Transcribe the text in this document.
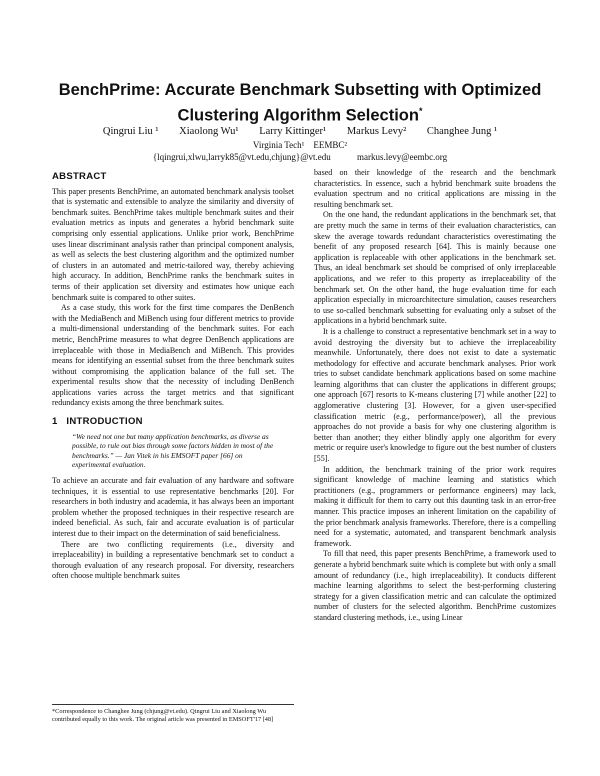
BenchPrime: Accurate Benchmark Subsetting with Optimized
Clustering Algorithm Selection*
Qingrui Liu ¹ Xiaolong Wu¹ Larry Kittinger¹ Markus Levy² Changhee Jung ¹
Virginia Tech¹    EEMBC²
{lqingrui,xlwu,larryk85@vt.edu,chjung}@vt.edu	markus.levy@eembc.org
ABSTRACT

This paper presents BenchPrime, an automated benchmark analysis toolset that is systematic and extensible to analyze the similarity and diversity of benchmark suites. BenchPrime takes multiple benchmark suites and their evaluation metrics as inputs and generates a hybrid benchmark suite comprising only essential applications. Unlike prior work, BenchPrime uses linear discriminant analysis rather than principal component analysis, as well as selects the best clustering algorithm and the optimized number of clusters in an automated and metric-tailored way, thereby achieving high accuracy. In addition, BenchPrime ranks the benchmark suites in terms of their application set diversity and estimates how unique each benchmark suite is compared to other suites.

As a case study, this work for the first time compares the DenBench with the MediaBench and MiBench using four different metrics to provide a multi-dimensional understanding of the benchmark suites. For each metric, BenchPrime measures to what degree DenBench applications are irreplaceable with those in MediaBench and MiBench. This provides means for identifying an essential subset from the three benchmark suites without compromising the application balance of the full set. The experimental results show that the necessity of including DenBench applications varies across the target metrics and that significant redundancy exists among the three benchmark suites.

1   INTRODUCTION
“We need not one but many application benchmarks, as diverse as possible, to rule out bias through some factors hidden in most of the benchmarks.” — Jan Vitek in his EMSOFT paper [66] on experimental evaluation.

To achieve an accurate and fair evaluation of any hardware and software techniques, it is essential to use representative benchmarks [20]. For researchers in both industry and academia, it has always been an important problem whether the proposed techniques in their respective research are indeed beneficial. As such, fair and accurate evaluation is of particular interest due to their impact on the determination of said beneficialness.

There are two conflicting requirements (i.e., diversity and irreplaceability) in building a representative benchmark set to conduct a thorough evaluation of any research proposal. For diversity, researchers often choose multiple benchmark suites

*Correspondence to Changhee Jung (chjung@vt.edu). Qingrui Liu and Xiaolong Wu contributed equally to this work. The original article was presented in EMSOFT'17 [48]

based on their knowledge of the research and the benchmark characteristics. In essence, such a hybrid benchmark suite broadens the evaluation spectrum and no critical applications are missing in the resulting benchmark set.

On the one hand, the redundant applications in the benchmark set, that are pretty much the same in terms of their evaluation characteristics, can skew the average towards redundant characteristics overestimating the benefit of any proposed research [64]. This is mainly because one application is replaceable with other applications in the benchmark set. Thus, an ideal benchmark set should be comprised of only irreplaceable applications, and we refer to this property as irreplaceability of the benchmark set. On the other hand, the huge evaluation time for each application especially in microarchitecture simulation, causes researchers to use so-called benchmark subsetting for evaluating only a subset of the applications in a hybrid benchmark suite.

It is a challenge to construct a representative benchmark set in a way to avoid destroying the diversity but to achieve the irreplaceability meanwhile. Unfortunately, there does not exist to date a systematic methodology for effective and accurate benchmark analyses. Prior work tries to subset candidate benchmark applications based on some machine learning algorithms that can cluster the applications in different groups; one approach [67] resorts to K-means clustering [7] while another [22] to agglomerative clustering [3]. However, for a given user-specified classification metric (e.g., performance/power), all the previous approaches do not provide a basis for why one clustering algorithm is better than another; they either blindly apply one algorithm for every metric or require user's knowledge to figure out the best number of clusters [55].

In addition, the benchmark training of the prior work requires significant knowledge of machine learning and statistics which practitioners (e.g., programmers or performance engineers) may lack, making it difficult for them to carry out this daunting task in an error-free manner. This practice imposes an inherent limitation on the capability of the prior benchmark analysis frameworks. Therefore, there is a compelling need for a systematic, automated, and transparent benchmark analysis framework.

To fill that need, this paper presents BenchPrime, a framework used to generate a hybrid benchmark suite which is complete but with only a small amount of redundancy (i.e., high irreplaceability). It conducts different machine learning algorithms to select the best-performing clustering strategy for a given classification metric and can calculate the optimized number of clusters for the selected algorithm. BenchPrime customizes standard clustering methods, i.e., using Linear
